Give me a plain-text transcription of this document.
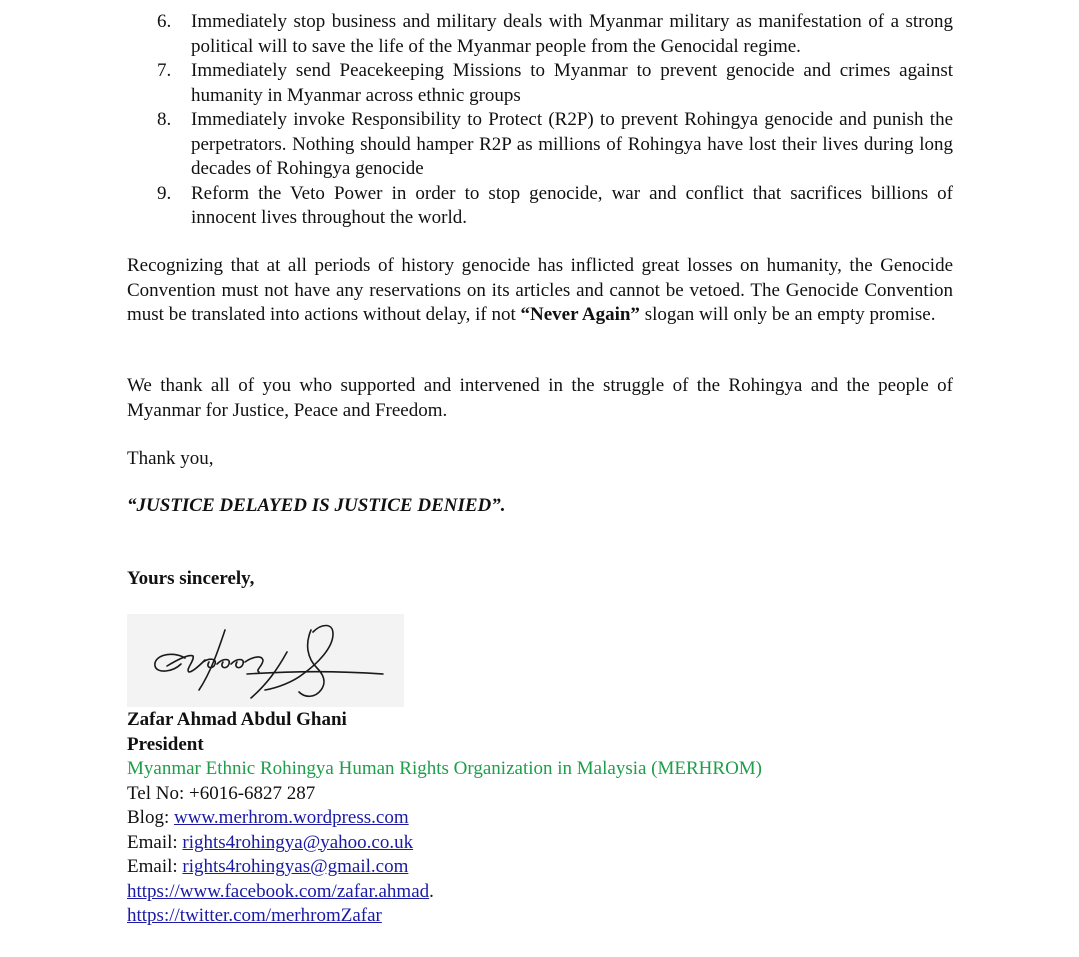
6. Immediately stop business and military deals with Myanmar military as manifestation of a strong political will to save the life of the Myanmar people from the Genocidal regime.
7. Immediately send Peacekeeping Missions to Myanmar to prevent genocide and crimes against humanity in Myanmar across ethnic groups
8. Immediately invoke Responsibility to Protect (R2P) to prevent Rohingya genocide and punish the perpetrators. Nothing should hamper R2P as millions of Rohingya have lost their lives during long decades of Rohingya genocide
9. Reform the Veto Power in order to stop genocide, war and conflict that sacrifices billions of innocent lives throughout the world.

Recognizing that at all periods of history genocide has inflicted great losses on humanity, the Genocide Convention must not have any reservations on its articles and cannot be vetoed. The Genocide Convention must be translated into actions without delay, if not “Never Again” slogan will only be an empty promise.

We thank all of you who supported and intervened in the struggle of the Rohingya and the people of Myanmar for Justice, Peace and Freedom.

Thank you,

“JUSTICE DELAYED IS JUSTICE DENIED”.

Yours sincerely,

Zafar Ahmad Abdul Ghani
President
Myanmar Ethnic Rohingya Human Rights Organization in Malaysia (MERHROM)
Tel No: +6016-6827 287
Blog: www.merhrom.wordpress.com
Email: rights4rohingya@yahoo.co.uk
Email: rights4rohingyas@gmail.com
https://www.facebook.com/zafar.ahmad.
https://twitter.com/merhromZafar
